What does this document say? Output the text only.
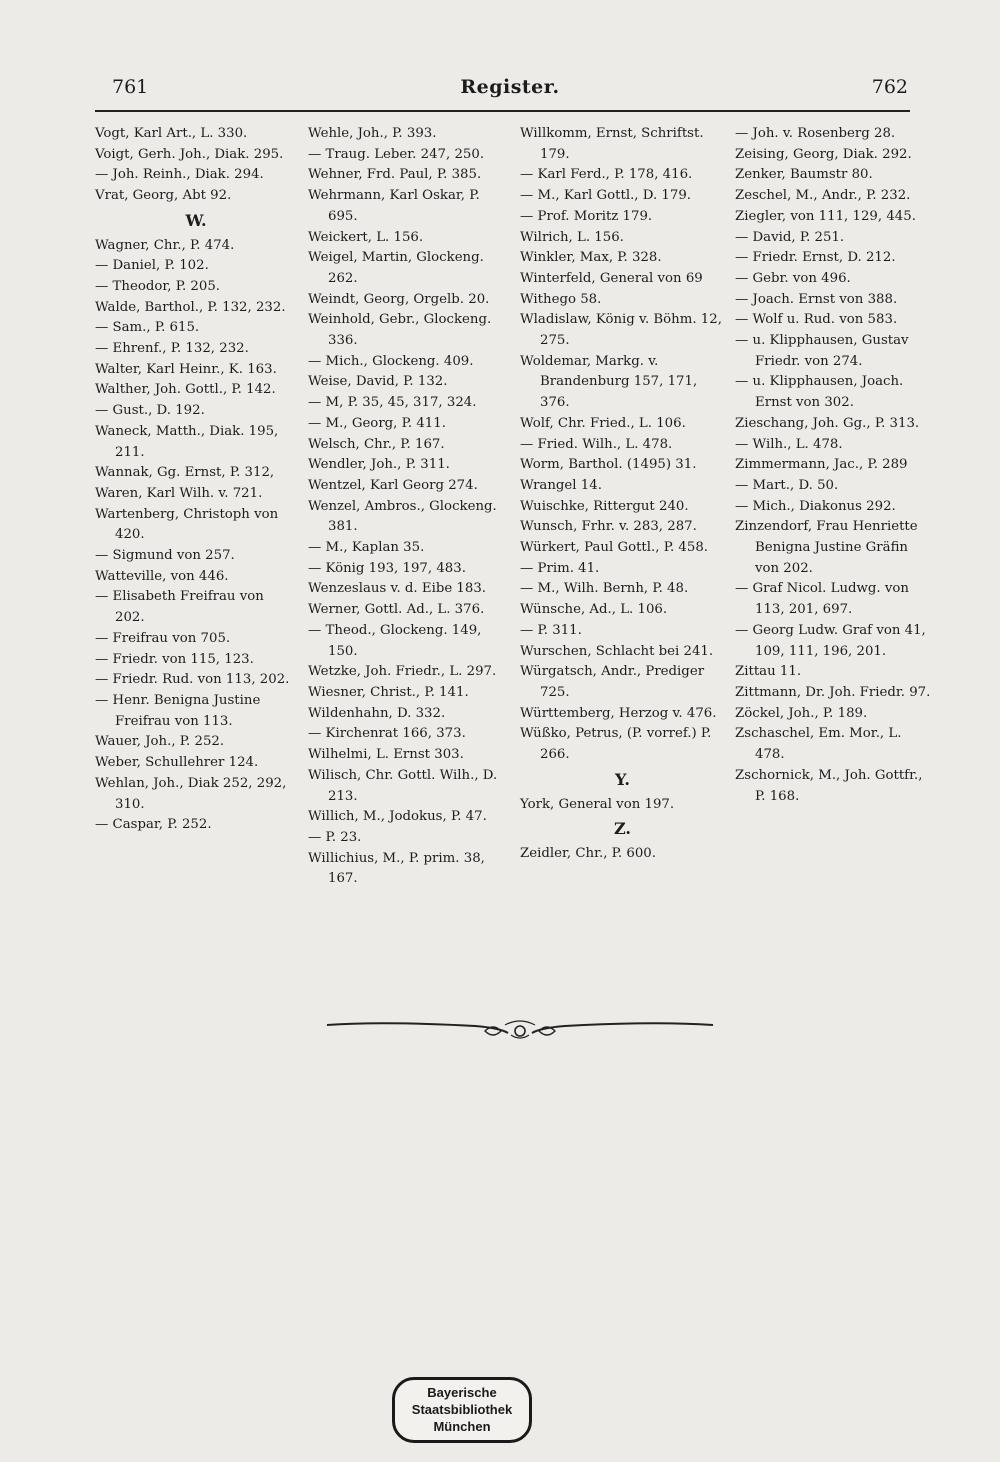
761	Register.	762

Vogt, Karl Art., L. 330.

Voigt, Gerh. Joh., Diak. 295.

— Joh. Reinh., Diak. 294.

Vrat, Georg, Abt 92.

W.

Wagner, Chr., P. 474.

— Daniel, P. 102.

— Theodor, P. 205.

Walde, Barthol., P. 132, 232.

— Sam., P. 615.

— Ehrenf., P. 132, 232.

Walter, Karl Heinr., K. 163.

Walther, Joh. Gottl., P. 142.

— Gust., D. 192.

Waneck, Matth., Diak. 195, 211.

Wannak, Gg. Ernst, P. 312,

Waren, Karl Wilh. v. 721.

Wartenberg, Christoph von 420.

— Sigmund von 257.

Watteville, von 446.

— Elisabeth Freifrau von 202.

— Freifrau von 705.

— Friedr. von 115, 123.

— Friedr. Rud. von 113, 202.

— Henr. Benigna Justine Freifrau von 113.

Wauer, Joh., P. 252.

Weber, Schullehrer 124.

Wehlan, Joh., Diak 252, 292, 310.

— Caspar, P. 252.

Wehle, Joh., P. 393.

— Traug. Leber. 247, 250.

Wehner, Frd. Paul, P. 385.

Wehrmann, Karl Oskar, P. 695.

Weickert, L. 156.

Weigel, Martin, Glockeng. 262.

Weindt, Georg, Orgelb. 20.

Weinhold, Gebr., Glockeng. 336.

— Mich., Glockeng. 409.

Weise, David, P. 132.

— M, P. 35, 45, 317, 324.

— M., Georg, P. 411.

Welsch, Chr., P. 167.

Wendler, Joh., P. 311.

Wentzel, Karl Georg 274.

Wenzel, Ambros., Glockeng. 381.

— M., Kaplan 35.

— König 193, 197, 483.

Wenzeslaus v. d. Eibe 183.

Werner, Gottl. Ad., L. 376.

— Theod., Glockeng. 149, 150.

Wetzke, Joh. Friedr., L. 297.

Wiesner, Christ., P. 141.

Wildenhahn, D. 332.

— Kirchenrat 166, 373.

Wilhelmi, L. Ernst 303.

Wilisch, Chr. Gottl. Wilh., D. 213.

Willich, M., Jodokus, P. 47.

— P. 23.

Willichius, M., P. prim. 38, 167.

Willkomm, Ernst, Schriftst. 179.

— Karl Ferd., P. 178, 416.

— M., Karl Gottl., D. 179.

— Prof. Moritz 179.

Wilrich, L. 156.

Winkler, Max, P. 328.

Winterfeld, General von 69

Withego 58.

Wladislaw, König v. Böhm. 12, 275.

Woldemar, Markg. v. Brandenburg 157, 171, 376.

Wolf, Chr. Fried., L. 106.

— Fried. Wilh., L. 478.

Worm, Barthol. (1495) 31.

Wrangel 14.

Wuischke, Rittergut 240.

Wunsch, Frhr. v. 283, 287.

Würkert, Paul Gottl., P. 458.

— Prim. 41.

— M., Wilh. Bernh, P. 48.

Wünsche, Ad., L. 106.

— P. 311.

Wurschen, Schlacht bei 241.

Würgatsch, Andr., Prediger 725.

Württemberg, Herzog v. 476.

Wüßko, Petrus, (P. vorref.) P. 266.

Y.

York, General von 197.

Z.

Zeidler, Chr., P. 600.

— Joh. v. Rosenberg 28.

Zeising, Georg, Diak. 292.

Zenker, Baumstr 80.

Zeschel, M., Andr., P. 232.

Ziegler, von 111, 129, 445.

— David, P. 251.

— Friedr. Ernst, D. 212.

— Gebr. von 496.

— Joach. Ernst von 388.

— Wolf u. Rud. von 583.

— u. Klipphausen, Gustav Friedr. von 274.

— u. Klipphausen, Joach. Ernst von 302.

Zieschang, Joh. Gg., P. 313.

— Wilh., L. 478.

Zimmermann, Jac., P. 289

— Mart., D. 50.

— Mich., Diakonus 292.

Zinzendorf, Frau Henriette Benigna Justine Gräfin von 202.

— Graf Nicol. Ludwg. von 113, 201, 697.

— Georg Ludw. Graf von 41, 109, 111, 196, 201.

Zittau 11.

Zittmann, Dr. Joh. Friedr. 97.

Zöckel, Joh., P. 189.

Zschaschel, Em. Mor., L. 478.

Zschornick, M., Joh. Gottfr., P. 168.

Bayerische
Staatsbibliothek
München
